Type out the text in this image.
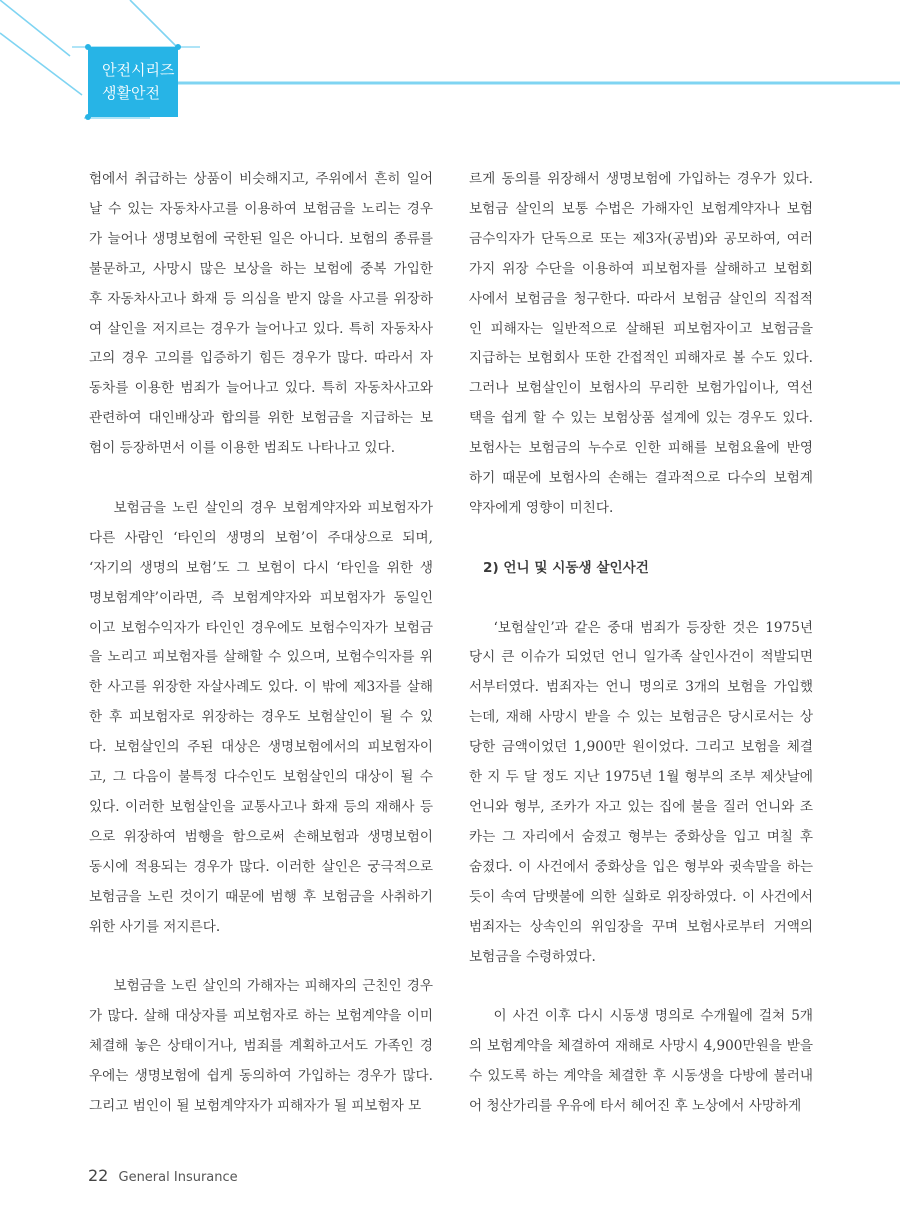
안전시리즈
생활안전

험에서 취급하는 상품이 비슷해지고, 주위에서 흔히 일어

날 수 있는 자동차사고를 이용하여 보험금을 노리는 경우

가 늘어나 생명보험에 국한된 일은 아니다. 보험의 종류를

불문하고, 사망시 많은 보상을 하는 보험에 중복 가입한

후 자동차사고나 화재 등 의심을 받지 않을 사고를 위장하

여 살인을 저지르는 경우가 늘어나고 있다. 특히 자동차사

고의 경우 고의를 입증하기 힘든 경우가 많다. 따라서 자

동차를 이용한 범죄가 늘어나고 있다. 특히 자동차사고와

관련하여 대인배상과 합의를 위한 보험금을 지급하는 보

험이 등장하면서 이를 이용한 범죄도 나타나고 있다.

보험금을 노린 살인의 경우 보험계약자와 피보험자가

다른 사람인 ‘타인의 생명의 보험’이 주대상으로 되며,

‘자기의 생명의 보험’도 그 보험이 다시 ‘타인을 위한 생

명보험계약’이라면, 즉 보험계약자와 피보험자가 동일인

이고 보험수익자가 타인인 경우에도 보험수익자가 보험금

을 노리고 피보험자를 살해할 수 있으며, 보험수익자를 위

한 사고를 위장한 자살사례도 있다. 이 밖에 제3자를 살해

한 후 피보험자로 위장하는 경우도 보험살인이 될 수 있

다. 보험살인의 주된 대상은 생명보험에서의 피보험자이

고, 그 다음이 불특정 다수인도 보험살인의 대상이 될 수

있다. 이러한 보험살인을 교통사고나 화재 등의 재해사 등

으로 위장하여 범행을 함으로써 손해보험과 생명보험이

동시에 적용되는 경우가 많다. 이러한 살인은 궁극적으로

보험금을 노린 것이기 때문에 범행 후 보험금을 사취하기

위한 사기를 저지른다.

보험금을 노린 살인의 가해자는 피해자의 근친인 경우

가 많다. 살해 대상자를 피보험자로 하는 보험계약을 이미

체결해 놓은 상태이거나, 범죄를 계획하고서도 가족인 경

우에는 생명보험에 쉽게 동의하여 가입하는 경우가 많다.

그리고 범인이 될 보험계약자가 피해자가 될 피보험자 모

르게 동의를 위장해서 생명보험에 가입하는 경우가 있다.

보험금 살인의 보통 수법은 가해자인 보험계약자나 보험

금수익자가 단독으로 또는 제3자(공범)와 공모하여, 여러

가지 위장 수단을 이용하여 피보험자를 살해하고 보험회

사에서 보험금을 청구한다. 따라서 보험금 살인의 직접적

인 피해자는 일반적으로 살해된 피보험자이고 보험금을

지급하는 보험회사 또한 간접적인 피해자로 볼 수도 있다.

그러나 보험살인이 보험사의 무리한 보험가입이나, 역선

택을 쉽게 할 수 있는 보험상품 설계에 있는 경우도 있다.

보험사는 보험금의 누수로 인한 피해를 보험요율에 반영

하기 때문에 보험사의 손해는 결과적으로 다수의 보험계

약자에게 영향이 미친다.

2) 언니 및 시동생 살인사건

‘보험살인’과 같은 중대 범죄가 등장한 것은 1975년

당시 큰 이슈가 되었던 언니 일가족 살인사건이 적발되면

서부터였다. 범죄자는 언니 명의로 3개의 보험을 가입했

는데, 재해 사망시 받을 수 있는 보험금은 당시로서는 상

당한 금액이었던 1,900만 원이었다. 그리고 보험을 체결

한 지 두 달 정도 지난 1975년 1월 형부의 조부 제삿날에

언니와 형부, 조카가 자고 있는 집에 불을 질러 언니와 조

카는 그 자리에서 숨졌고 형부는 중화상을 입고 며칠 후

숨졌다. 이 사건에서 중화상을 입은 형부와 귓속말을 하는

듯이 속여 담뱃불에 의한 실화로 위장하였다. 이 사건에서

범죄자는 상속인의 위임장을 꾸며 보험사로부터 거액의

보험금을 수령하였다.

이 사건 이후 다시 시동생 명의로 수개월에 걸쳐 5개

의 보험계약을 체결하여 재해로 사망시 4,900만원을 받을

수 있도록 하는 계약을 체결한 후 시동생을 다방에 불러내

어 청산가리를 우유에 타서 헤어진 후 노상에서 사망하게

22 General Insurance
